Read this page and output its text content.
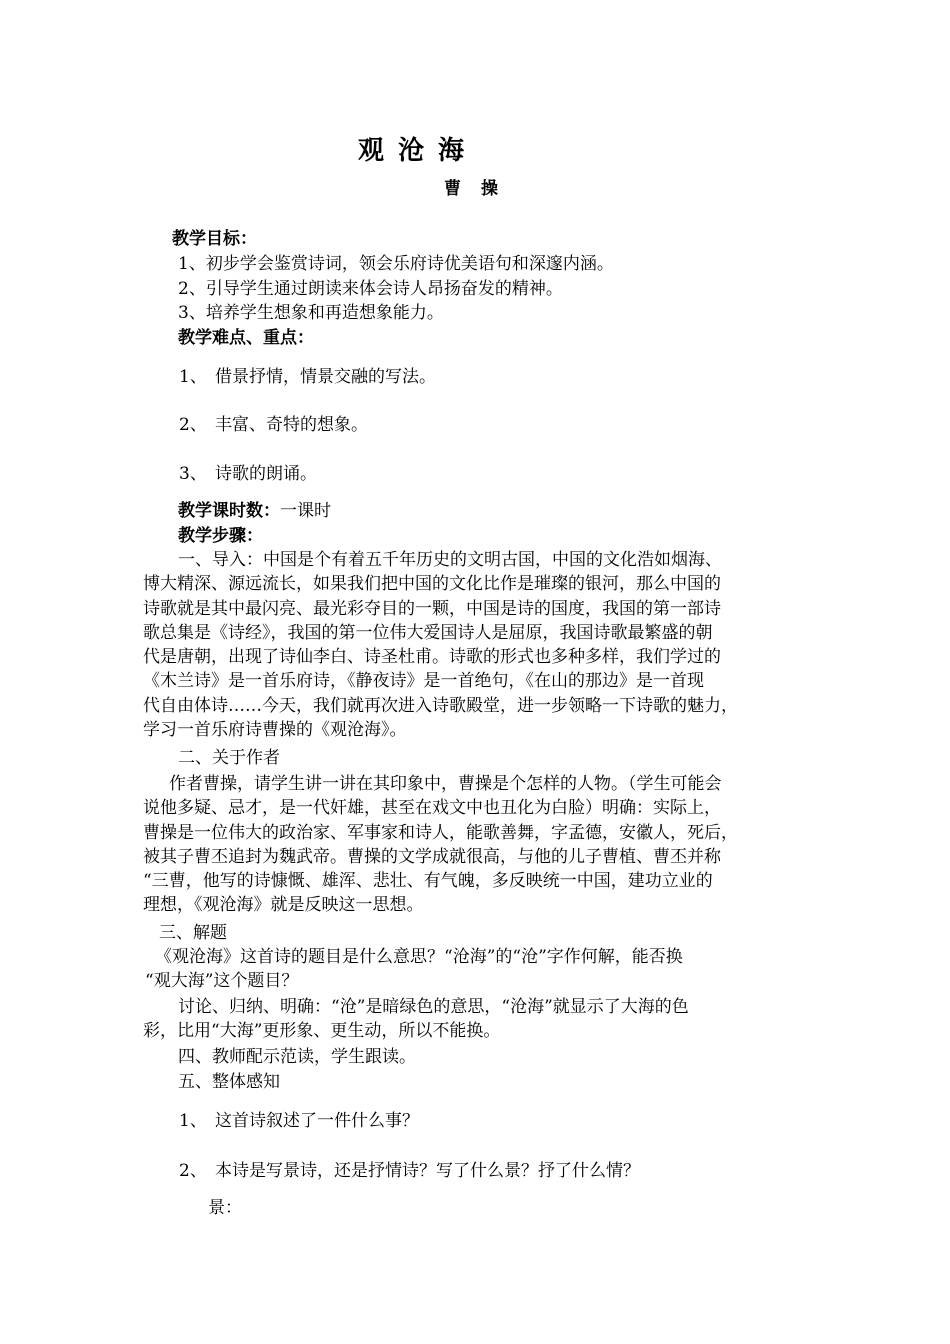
观沧海
曹操
教学目标：
1、初步学会鉴赏诗词，领会乐府诗优美语句和深邃内涵。
2、引导学生通过朗读来体会诗人昂扬奋发的精神。
3、培养学生想象和再造想象能力。
教学难点、重点：
1、 借景抒情，情景交融的写法。
2、 丰富、奇特的想象。
3、 诗歌的朗诵。
教学课时数：一课时
教学步骤：
一、导入：中国是个有着五千年历史的文明古国，中国的文化浩如烟海、
博大精深、源远流长，如果我们把中国的文化比作是璀璨的银河，那么中国的
诗歌就是其中最闪亮、最光彩夺目的一颗，中国是诗的国度，我国的第一部诗
歌总集是《诗经》，我国的第一位伟大爱国诗人是屈原，我国诗歌最繁盛的朝
代是唐朝，出现了诗仙李白、诗圣杜甫。诗歌的形式也多种多样，我们学过的
《木兰诗》是一首乐府诗，《静夜诗》是一首绝句，《在山的那边》是一首现
代自由体诗……今天，我们就再次进入诗歌殿堂，进一步领略一下诗歌的魅力，
学习一首乐府诗曹操的《观沧海》。
二、关于作者
作者曹操，请学生讲一讲在其印象中，曹操是个怎样的人物。（学生可能会
说他多疑、忌才，是一代奸雄，甚至在戏文中也丑化为白脸）明确：实际上，
曹操是一位伟大的政治家、军事家和诗人，能歌善舞，字孟德，安徽人，死后，
被其子曹丕追封为魏武帝。曹操的文学成就很高，与他的儿子曹植、曹丕并称
“三曹，他写的诗慷慨、雄浑、悲壮、有气魄，多反映统一中国，建功立业的
理想，《观沧海》就是反映这一思想。
三、解题
《观沧海》这首诗的题目是什么意思？“沧海”的“沧”字作何解，能否换
“观大海”这个题目？
讨论、归纳、明确：“沧”是暗绿色的意思，“沧海”就显示了大海的色
彩，比用“大海”更形象、更生动，所以不能换。
四、教师配示范读，学生跟读。
五、整体感知
1、 这首诗叙述了一件什么事？
2、 本诗是写景诗，还是抒情诗？写了什么景？抒了什么情？
景：
